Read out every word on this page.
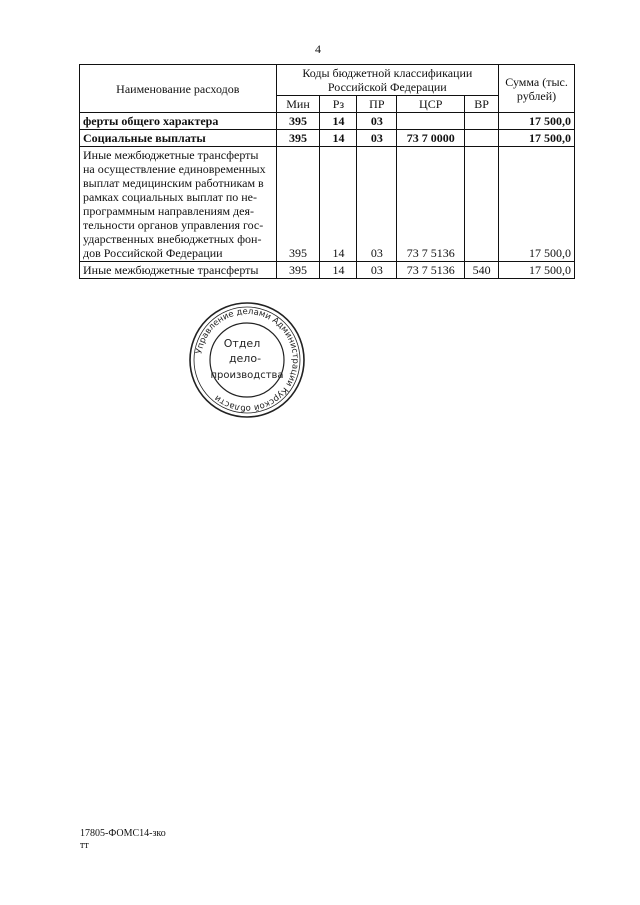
4
Наименование расходов	Коды бюджетной классификации Российской Федерации					Сумма (тыс. рублей)
	Мин	Рз	ПР	ЦСР	ВР	
ферты общего характера	395	14	03			17 500,0
Социальные выплаты	395	14	03	73 7 0000		17 500,0
Иные межбюджетные трансферты на осуществление единовременных выплат медицинским работникам в рамках социальных выплат по не-программным направлениям дея-тельности органов управления гос-ударственных внебюджетных фон-дов Российской Федерации	395	14	03	73 7 5136		17 500,0
Иные межбюджетные трансферты	395	14	03	73 7 5136	540	17 500,0
Управление делами Администрации Курской области
Отдел
дело-
производства
17805-ФОМС14-зко
тт
